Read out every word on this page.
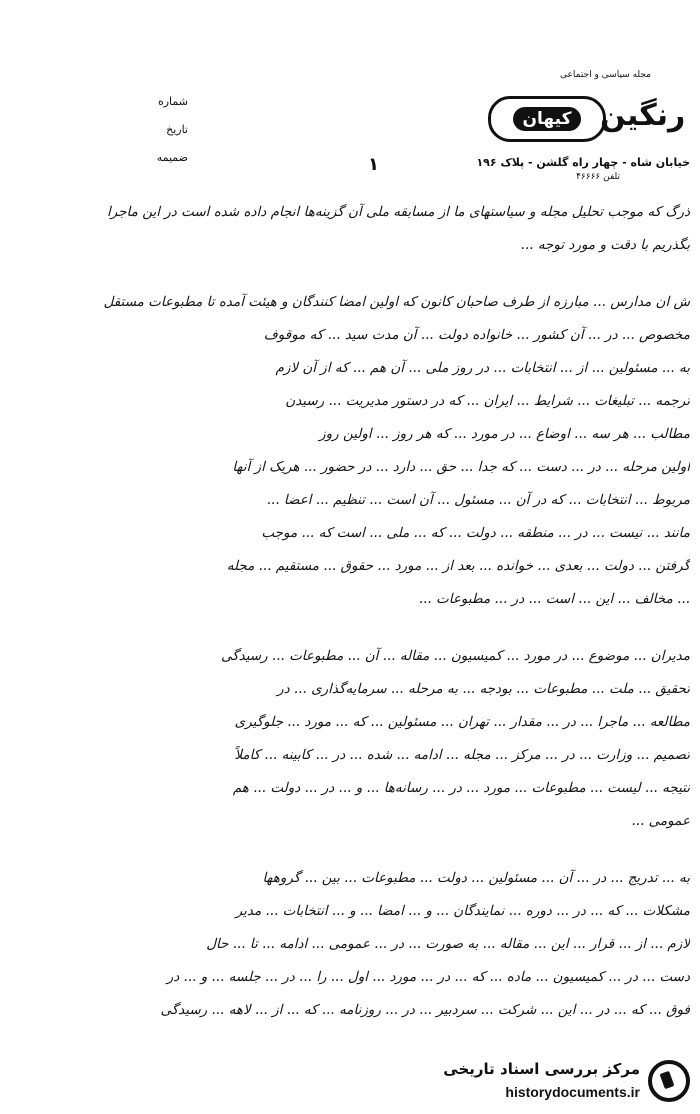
شماره
تاریخ
ضمیمه
مجله سیاسی و اجتماعی
کیهان رنگین
خیابان شاه - چهار راه گلشن - پلاک ۱۹۶
تلفن ۴۶۶۶۶
۱
ذرگ که موجب تحلیل مجله و سیاستهای ما از مسابقه ملی آن گزینه‌ها انجام داده شده است در این ماجرا
بگذریم با دقت و مورد توجه ...
ش ان مدارس ... مبارزه از طرف صاحبان کانون که اولین امضا کنندگان و هیئت آمده تا مطبوعات مستقل
مخصوص ... در ... آن کشور ... خانواده دولت ... آن مدت سید ... که موقوف
به ... مسئولین ... از ... انتخابات ... در روز ملی ... آن هم ... که از آن لازم
ترجمه ... تبلیغات ... شرایط ... ایران ... که در دستور مدیریت ... رسیدن
مطالب ... هر سه ... اوضاع ... در مورد ... که هر روز ... اولین روز
اولین مرحله ... در ... دست ... که جدا ... حق ... دارد ... در حضور ... هریک از آنها
مربوط ... انتخابات ... که در آن ... مسئول ... آن است ... تنظیم ... اعضا ...
مانند ... نیست ... در ... منطقه ... دولت ... که ... ملی ... است که ... موجب
گرفتن ... دولت ... بعدی ... خوانده ... بعد از ... مورد ... حقوق ... مستقیم ... مجله
... مخالف ... این ... است ... در ... مطبوعات ...
مدیران ... موضوع ... در مورد ... کمیسیون ... مقاله ... آن ... مطبوعات ... رسیدگی
تحقیق ... ملت ... مطبوعات ... بودجه ... به مرحله ... سرمایه‌گذاری ... در
مطالعه ... ماجرا ... در ... مقدار ... تهران ... مسئولین ... که ... مورد ... جلوگیری
تصمیم ... وزارت ... در ... مرکز ... مجله ... ادامه ... شده ... در ... کابینه ... کاملاً
نتیجه ... لیست ... مطبوعات ... مورد ... در ... رسانه‌ها ... و ... در ... دولت ... هم
عمومی ...
به ... تدریج ... در ... آن ... مسئولین ... دولت ... مطبوعات ... بین ... گروهها
مشکلات ... که ... در ... دوره ... نمایندگان ... و ... امضا ... و ... انتخابات ... مدیر
لازم ... از ... قرار ... این ... مقاله ... به صورت ... در ... عمومی ... ادامه ... تا ... حال
دست ... در ... کمیسیون ... ماده ... که ... در ... مورد ... اول ... را ... در ... جلسه ... و ... در
فوق ... که ... در ... این ... شرکت ... سردبیر ... در ... روزنامه ... که ... از ... لاهه ... رسیدگی
مرکز بررسی اسناد تاریخی
historydocuments.ir
